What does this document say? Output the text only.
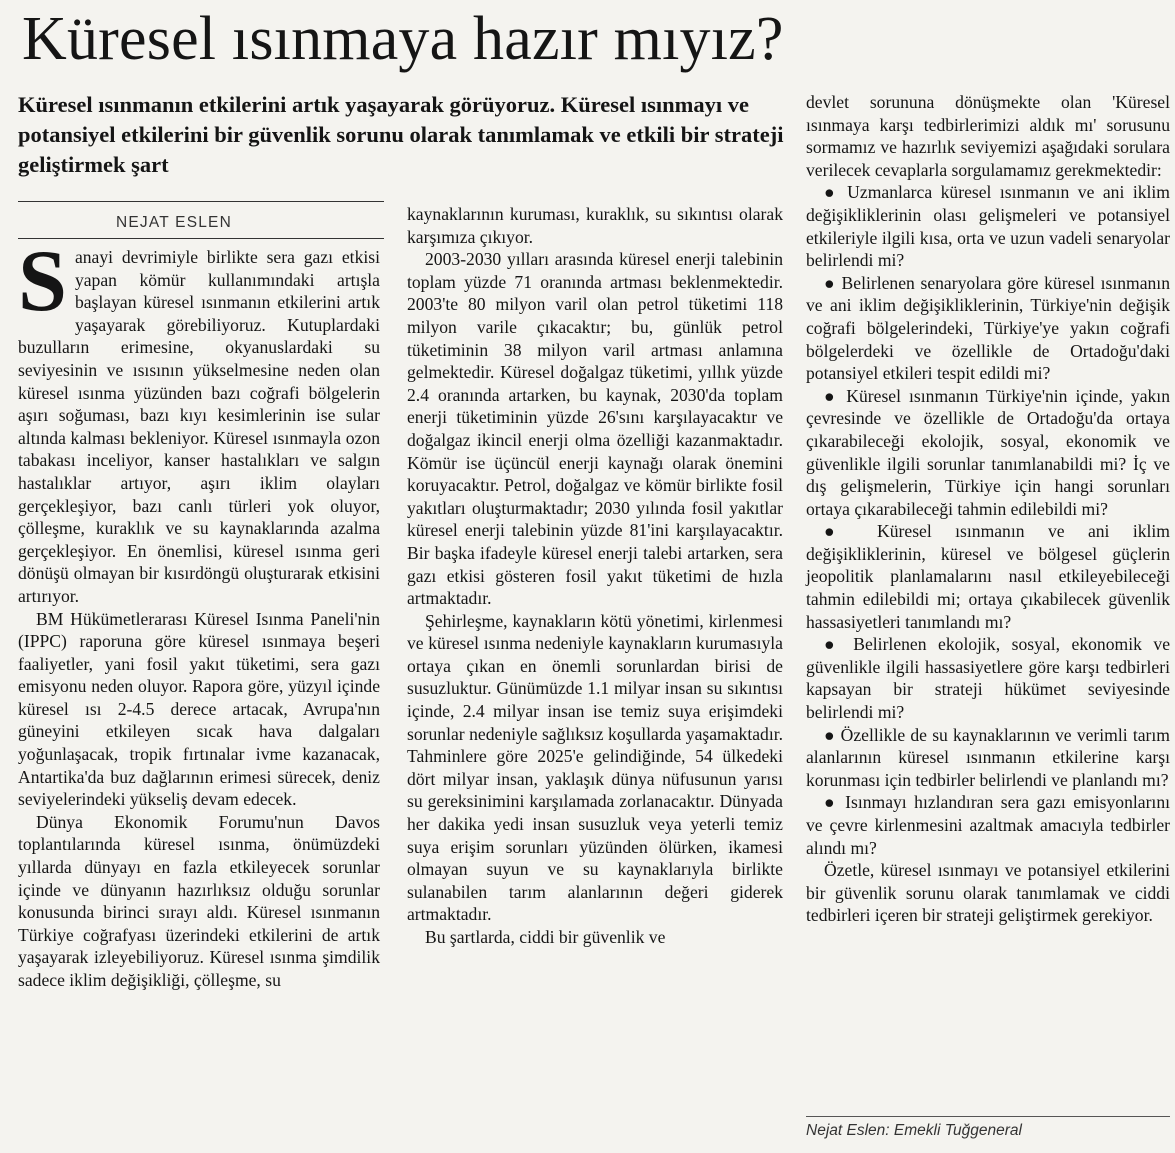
Küresel ısınmaya hazır mıyız?
Küresel ısınmanın etkilerini artık yaşayarak görüyoruz. Küresel ısınmayı ve potansiyel etkilerini bir güvenlik sorunu olarak tanımlamak ve etkili bir strateji geliştirmek şart
NEJAT ESLEN

Sanayi devrimiyle birlikte sera gazı etkisi yapan kömür kullanımındaki artışla başlayan küresel ısınmanın etkilerini artık yaşayarak görebiliyoruz. Kutuplardaki buzulların erimesine, okyanuslardaki su seviyesinin ve ısısının yükselmesine neden olan küresel ısınma yüzünden bazı coğrafi bölgelerin aşırı soğuması, bazı kıyı kesimlerinin ise sular altında kalması bekleniyor. Küresel ısınmayla ozon tabakası inceliyor, kanser hastalıkları ve salgın hastalıklar artıyor, aşırı iklim olayları gerçekleşiyor, bazı canlı türleri yok oluyor, çölleşme, kuraklık ve su kaynaklarında azalma gerçekleşiyor. En önemlisi, küresel ısınma geri dönüşü olmayan bir kısırdöngü oluşturarak etkisini artırıyor.

BM Hükümetlerarası Küresel Isınma Paneli'nin (IPPC) raporuna göre küresel ısınmaya beşeri faaliyetler, yani fosil yakıt tüketimi, sera gazı emisyonu neden oluyor. Rapora göre, yüzyıl içinde küresel ısı 2-4.5 derece artacak, Avrupa'nın güneyini etkileyen sıcak hava dalgaları yoğunlaşacak, tropik fırtınalar ivme kazanacak, Antartika'da buz dağlarının erimesi sürecek, deniz seviyelerindeki yükseliş devam edecek.

Dünya Ekonomik Forumu'nun Davos toplantılarında küresel ısınma, önümüzdeki yıllarda dünyayı en fazla etkileyecek sorunlar içinde ve dünyanın hazırlıksız olduğu sorunlar konusunda birinci sırayı aldı. Küresel ısınmanın Türkiye coğrafyası üzerindeki etkilerini de artık yaşayarak izleyebiliyoruz. Küresel ısınma şimdilik sadece iklim değişikliği, çölleşme, su

kaynaklarının kuruması, kuraklık, su sıkıntısı olarak karşımıza çıkıyor.

2003-2030 yılları arasında küresel enerji talebinin toplam yüzde 71 oranında artması beklenmektedir. 2003'te 80 milyon varil olan petrol tüketimi 118 milyon varile çıkacaktır; bu, günlük petrol tüketiminin 38 milyon varil artması anlamına gelmektedir. Küresel doğalgaz tüketimi, yıllık yüzde 2.4 oranında artarken, bu kaynak, 2030'da toplam enerji tüketiminin yüzde 26'sını karşılayacaktır ve doğalgaz ikincil enerji olma özelliği kazanmaktadır. Kömür ise üçüncül enerji kaynağı olarak önemini koruyacaktır. Petrol, doğalgaz ve kömür birlikte fosil yakıtları oluşturmaktadır; 2030 yılında fosil yakıtlar küresel enerji talebinin yüzde 81'ini karşılayacaktır. Bir başka ifadeyle küresel enerji talebi artarken, sera gazı etkisi gösteren fosil yakıt tüketimi de hızla artmaktadır.

Şehirleşme, kaynakların kötü yönetimi, kirlenmesi ve küresel ısınma nedeniyle kaynakların kurumasıyla ortaya çıkan en önemli sorunlardan birisi de susuzluktur. Günümüzde 1.1 milyar insan su sıkıntısı içinde, 2.4 milyar insan ise temiz suya erişimdeki sorunlar nedeniyle sağlıksız koşullarda yaşamaktadır. Tahminlere göre 2025'e gelindiğinde, 54 ülkedeki dört milyar insan, yaklaşık dünya nüfusunun yarısı su gereksinimini karşılamada zorlanacaktır. Dünyada her dakika yedi insan susuzluk veya yeterli temiz suya erişim sorunları yüzünden ölürken, ikamesi olmayan suyun ve su kaynaklarıyla birlikte sulanabilen tarım alanlarının değeri giderek artmaktadır.

Bu şartlarda, ciddi bir güvenlik ve

devlet sorununa dönüşmekte olan 'Küresel ısınmaya karşı tedbirlerimizi aldık mı' sorusunu sormamız ve hazırlık seviyemizi aşağıdaki sorulara verilecek cevaplarla sorgulamamız gerekmektedir:

● Uzmanlarca küresel ısınmanın ve ani iklim değişikliklerinin olası gelişmeleri ve potansiyel etkileriyle ilgili kısa, orta ve uzun vadeli senaryolar belirlendi mi?

● Belirlenen senaryolara göre küresel ısınmanın ve ani iklim değişikliklerinin, Türkiye'nin değişik coğrafi bölgelerindeki, Türkiye'ye yakın coğrafi bölgelerdeki ve özellikle de Ortadoğu'daki potansiyel etkileri tespit edildi mi?

● Küresel ısınmanın Türkiye'nin içinde, yakın çevresinde ve özellikle de Ortadoğu'da ortaya çıkarabileceği ekolojik, sosyal, ekonomik ve güvenlikle ilgili sorunlar tanımlanabildi mi? İç ve dış gelişmelerin, Türkiye için hangi sorunları ortaya çıkarabileceği tahmin edilebildi mi?

● Küresel ısınmanın ve ani iklim değişikliklerinin, küresel ve bölgesel güçlerin jeopolitik planlamalarını nasıl etkileyebileceği tahmin edilebildi mi; ortaya çıkabilecek güvenlik hassasiyetleri tanımlandı mı?

● Belirlenen ekolojik, sosyal, ekonomik ve güvenlikle ilgili hassasiyetlere göre karşı tedbirleri kapsayan bir strateji hükümet seviyesinde belirlendi mi?

● Özellikle de su kaynaklarının ve verimli tarım alanlarının küresel ısınmanın etkilerine karşı korunması için tedbirler belirlendi ve planlandı mı?

● Isınmayı hızlandıran sera gazı emisyonlarını ve çevre kirlenmesini azaltmak amacıyla tedbirler alındı mı?

Özetle, küresel ısınmayı ve potansiyel etkilerini bir güvenlik sorunu olarak tanımlamak ve ciddi tedbirleri içeren bir strateji geliştirmek gerekiyor.

Nejat Eslen: Emekli Tuğgeneral
